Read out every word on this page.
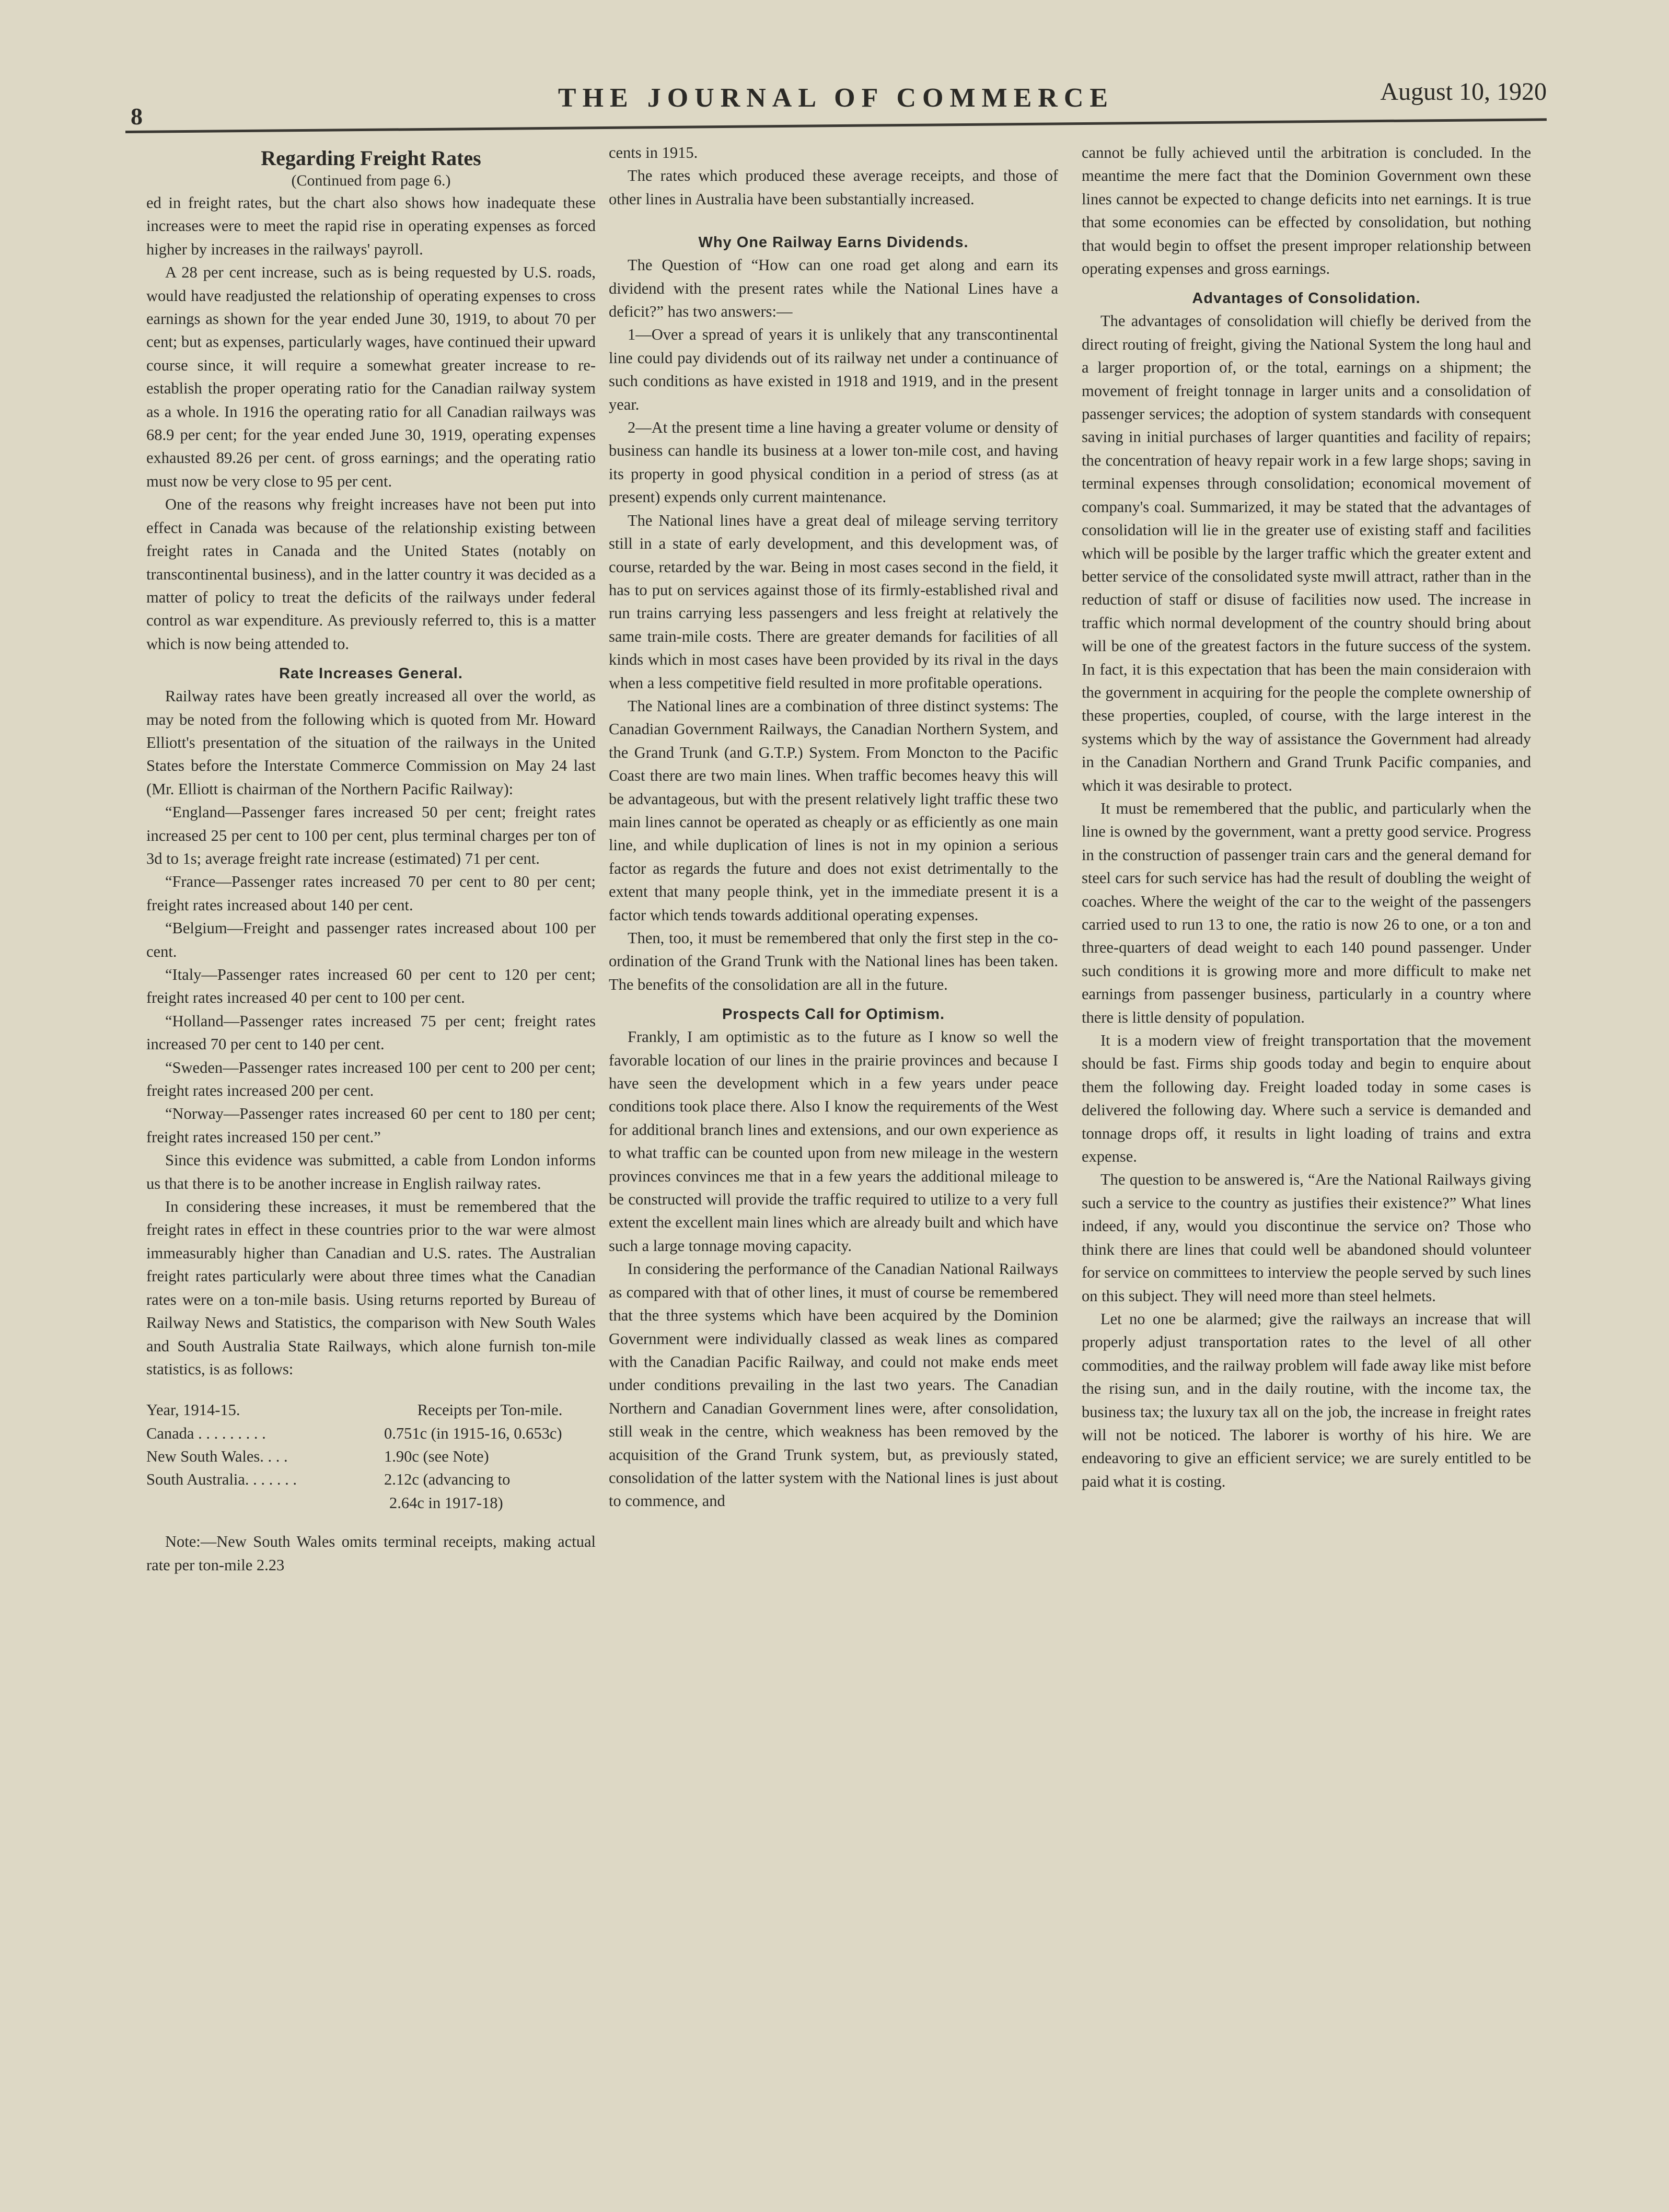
8
THE JOURNAL OF COMMERCE	August 10, 1920
Regarding Freight Rates
(Continued from page 6.)

ed in freight rates, but the chart also shows how inadequate these increases were to meet the rapid rise in operating expenses as forced higher by increases in the railways' payroll.

A 28 per cent increase, such as is being requested by U.S. roads, would have readjusted the relationship of operating expenses to cross earnings as shown for the year ended June 30, 1919, to about 70 per cent; but as expenses, particularly wages, have continued their upward course since, it will require a somewhat greater increase to re-establish the proper operating ratio for the Canadian railway system as a whole. In 1916 the operating ratio for all Canadian railways was 68.9 per cent; for the year ended June 30, 1919, operating expenses exhausted 89.26 per cent. of gross earnings; and the operating ratio must now be very close to 95 per cent.

One of the reasons why freight increases have not been put into effect in Canada was because of the relationship existing between freight rates in Canada and the United States (notably on transcontinental business), and in the latter country it was decided as a matter of policy to treat the deficits of the railways under federal control as war expenditure. As previously referred to, this is a matter which is now being attended to.

Rate Increases General.

Railway rates have been greatly increased all over the world, as may be noted from the following which is quoted from Mr. Howard Elliott's presentation of the situation of the railways in the United States before the Interstate Commerce Commission on May 24 last (Mr. Elliott is chairman of the Northern Pacific Railway):

“England—Passenger fares increased 50 per cent; freight rates increased 25 per cent to 100 per cent, plus terminal charges per ton of 3d to 1s; average freight rate increase (estimated) 71 per cent.

“France—Passenger rates increased 70 per cent to 80 per cent; freight rates increased about 140 per cent.

“Belgium—Freight and passenger rates increased about 100 per cent.

“Italy—Passenger rates increased 60 per cent to 120 per cent; freight rates increased 40 per cent to 100 per cent.

“Holland—Passenger rates increased 75 per cent; freight rates increased 70 per cent to 140 per cent.

“Sweden—Passenger rates increased 100 per cent to 200 per cent; freight rates increased 200 per cent.

“Norway—Passenger rates increased 60 per cent to 180 per cent; freight rates increased 150 per cent.”

Since this evidence was submitted, a cable from London informs us that there is to be another increase in English railway rates.

In considering these increases, it must be remembered that the freight rates in effect in these countries prior to the war were almost immeasurably higher than Canadian and U.S. rates. The Australian freight rates particularly were about three times what the Canadian rates were on a ton-mile basis. Using returns reported by Bureau of Railway News and Statistics, the comparison with New South Wales and South Australia State Railways, which alone furnish ton-mile statistics, is as follows:

Year, 1914-15.	Receipts per Ton-mile.
Canada . . . . . . . . .	0.751c (in 1915-16, 0.653c)
New South Wales. . . .	1.90c (see Note)
South Australia. . . . . . .	2.12c (advancing to
2.64c in 1917-18)

Note:—New South Wales omits terminal receipts, making actual rate per ton-mile 2.23

cents in 1915.

The rates which produced these average receipts, and those of other lines in Australia have been substantially increased.

Why One Railway Earns Dividends.

The Question of “How can one road get along and earn its dividend with the present rates while the National Lines have a deficit?” has two answers:—

1—Over a spread of years it is unlikely that any transcontinental line could pay dividends out of its railway net under a continuance of such conditions as have existed in 1918 and 1919, and in the present year.

2—At the present time a line having a greater volume or density of business can handle its business at a lower ton-mile cost, and having its property in good physical condition in a period of stress (as at present) expends only current maintenance.

The National lines have a great deal of mileage serving territory still in a state of early development, and this development was, of course, retarded by the war. Being in most cases second in the field, it has to put on services against those of its firmly-established rival and run trains carrying less passengers and less freight at relatively the same train-mile costs. There are greater demands for facilities of all kinds which in most cases have been provided by its rival in the days when a less competitive field resulted in more profitable operations.

The National lines are a combination of three distinct systems: The Canadian Government Railways, the Canadian Northern System, and the Grand Trunk (and G.T.P.) System. From Moncton to the Pacific Coast there are two main lines. When traffic becomes heavy this will be advantageous, but with the present relatively light traffic these two main lines cannot be operated as cheaply or as efficiently as one main line, and while duplication of lines is not in my opinion a serious factor as regards the future and does not exist detrimentally to the extent that many people think, yet in the immediate present it is a factor which tends towards additional operating expenses.

Then, too, it must be remembered that only the first step in the co-ordination of the Grand Trunk with the National lines has been taken. The benefits of the consolidation are all in the future.

Prospects Call for Optimism.

Frankly, I am optimistic as to the future as I know so well the favorable location of our lines in the prairie provinces and because I have seen the development which in a few years under peace conditions took place there. Also I know the requirements of the West for additional branch lines and extensions, and our own experience as to what traffic can be counted upon from new mileage in the western provinces convinces me that in a few years the additional mileage to be constructed will provide the traffic required to utilize to a very full extent the excellent main lines which are already built and which have such a large tonnage moving capacity.

In considering the performance of the Canadian National Railways as compared with that of other lines, it must of course be remembered that the three systems which have been acquired by the Dominion Government were individually classed as weak lines as compared with the Canadian Pacific Railway, and could not make ends meet under conditions prevailing in the last two years. The Canadian Northern and Canadian Government lines were, after consolidation, still weak in the centre, which weakness has been removed by the acquisition of the Grand Trunk system, but, as previously stated, consolidation of the latter system with the National lines is just about to commence, and

cannot be fully achieved until the arbitration is concluded. In the meantime the mere fact that the Dominion Government own these lines cannot be expected to change deficits into net earnings. It is true that some economies can be effected by consolidation, but nothing that would begin to offset the present improper relationship between operating expenses and gross earnings.

Advantages of Consolidation.

The advantages of consolidation will chiefly be derived from the direct routing of freight, giving the National System the long haul and a larger proportion of, or the total, earnings on a shipment; the movement of freight tonnage in larger units and a consolidation of passenger services; the adoption of system standards with consequent saving in initial purchases of larger quantities and facility of repairs; the concentration of heavy repair work in a few large shops; saving in terminal expenses through consolidation; economical movement of company's coal. Summarized, it may be stated that the advantages of consolidation will lie in the greater use of existing staff and facilities which will be posible by the larger traffic which the greater extent and better service of the consolidated syste mwill attract, rather than in the reduction of staff or disuse of facilities now used. The increase in traffic which normal development of the country should bring about will be one of the greatest factors in the future success of the system. In fact, it is this expectation that has been the main consideraion with the government in acquiring for the people the complete ownership of these properties, coupled, of course, with the large interest in the systems which by the way of assistance the Government had already in the Canadian Northern and Grand Trunk Pacific companies, and which it was desirable to protect.

It must be remembered that the public, and particularly when the line is owned by the government, want a pretty good service. Progress in the construction of passenger train cars and the general demand for steel cars for such service has had the result of doubling the weight of coaches. Where the weight of the car to the weight of the passengers carried used to run 13 to one, the ratio is now 26 to one, or a ton and three-quarters of dead weight to each 140 pound passenger. Under such conditions it is growing more and more difficult to make net earnings from passenger business, particularly in a country where there is little density of population.

It is a modern view of freight transportation that the movement should be fast. Firms ship goods today and begin to enquire about them the following day. Freight loaded today in some cases is delivered the following day. Where such a service is demanded and tonnage drops off, it results in light loading of trains and extra expense.

The question to be answered is, “Are the National Railways giving such a service to the country as justifies their existence?” What lines indeed, if any, would you discontinue the service on? Those who think there are lines that could well be abandoned should volunteer for service on committees to interview the people served by such lines on this subject. They will need more than steel helmets.

Let no one be alarmed; give the railways an increase that will properly adjust transportation rates to the level of all other commodities, and the railway problem will fade away like mist before the rising sun, and in the daily routine, with the income tax, the business tax; the luxury tax all on the job, the increase in freight rates will not be noticed. The laborer is worthy of his hire. We are endeavoring to give an efficient service; we are surely entitled to be paid what it is costing.
